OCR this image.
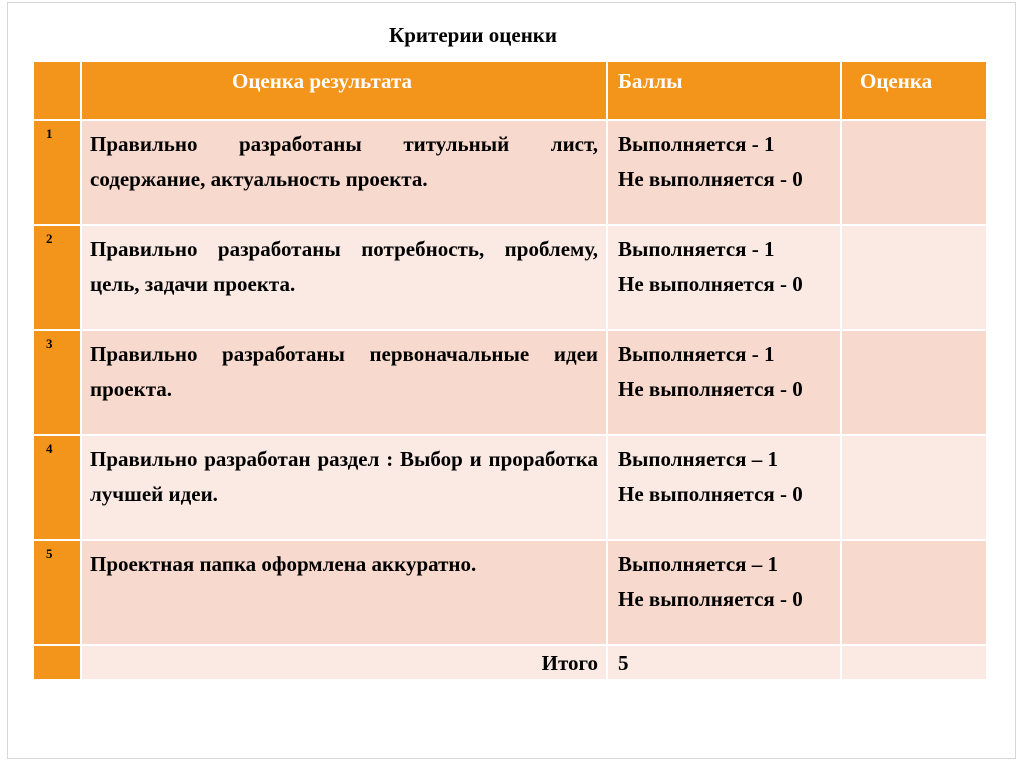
Критерии оценки

	Оценка результата	Баллы	Оценка

1	Правильно разработаны титульный лист, содержание, актуальность проекта.	Выполняется - 1
Не выполняется - 0	

2	Правильно разработаны потребность, проблему, цель, задачи проекта.	Выполняется - 1
Не выполняется - 0	

3	Правильно разработаны первоначальные идеи проекта.	Выполняется - 1
Не выполняется - 0	

4	Правильно разработан раздел : Выбор и проработка лучшей идеи.	Выполняется – 1
Не выполняется - 0	

5	Проектная папка оформлена аккуратно.	Выполняется – 1
Не выполняется - 0	

	Итого	5	
